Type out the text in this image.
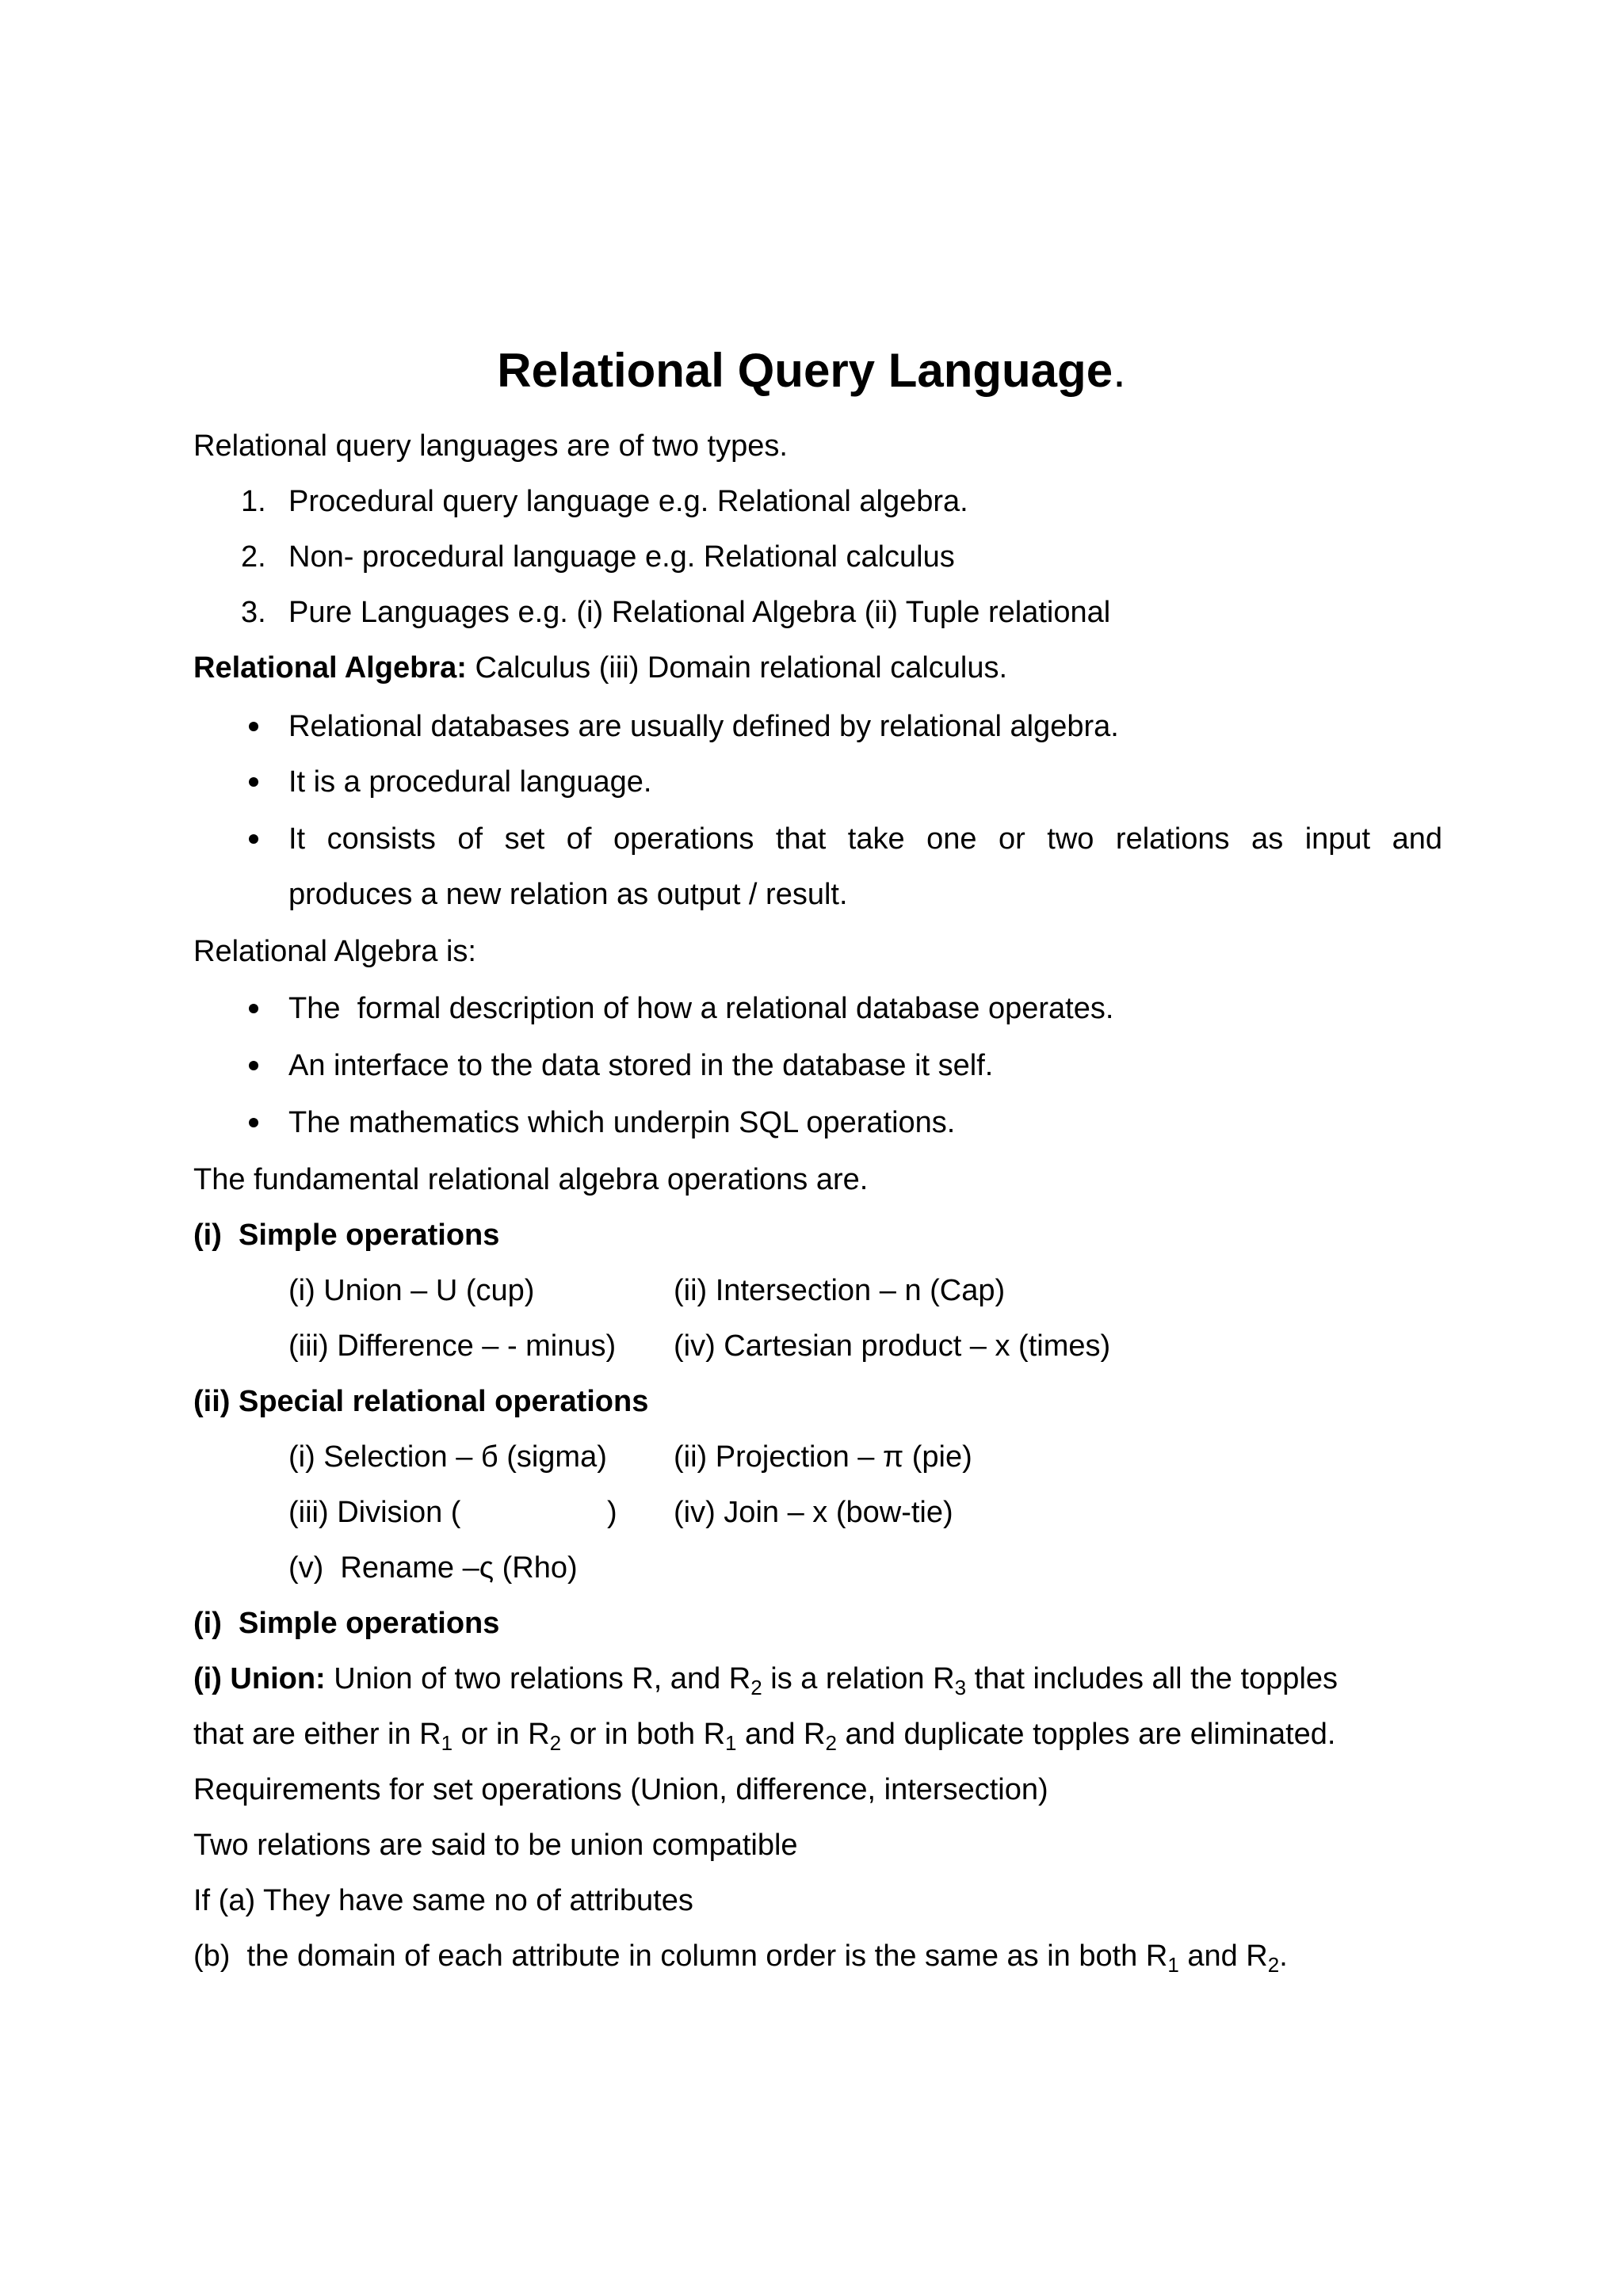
Relational Query Language.
Relational query languages are of two types.
1. Procedural query language e.g. Relational algebra.
2. Non- procedural language e.g. Relational calculus
3. Pure Languages e.g. (i) Relational Algebra (ii) Tuple relational
Relational Algebra: Calculus (iii) Domain relational calculus.
Relational databases are usually defined by relational algebra.
It is a procedural language.
It consists of set of operations that take one or two relations as input and
produces a new relation as output / result.
Relational Algebra is:
The  formal description of how a relational database operates.
An interface to the data stored in the database it self.
The mathematics which underpin SQL operations.
The fundamental relational algebra operations are.
(i)  Simple operations
(i) Union – U (cup)	(ii) Intersection – n (Cap)
(iii) Difference – - minus) (iv) Cartesian product – x (times)
(ii) Special relational operations
(i) Selection – б (sigma) (ii) Projection – π (pie)
(iii) Division (	) (iv) Join – x (bow-tie)
(v)  Rename –ς (Rho)
(i)  Simple operations
(i) Union: Union of two relations R, and $R_2$ is a relation $R_3$ that includes all the topples
that are either in $R_1$ or in $R_2$ or in both $R_1$ and $R_2$ and duplicate topples are eliminated.
Requirements for set operations (Union, difference, intersection)
Two relations are said to be union compatible
If (a) They have same no of attributes
(b)  the domain of each attribute in column order is the same as in both $R_1$ and $R_2$.
